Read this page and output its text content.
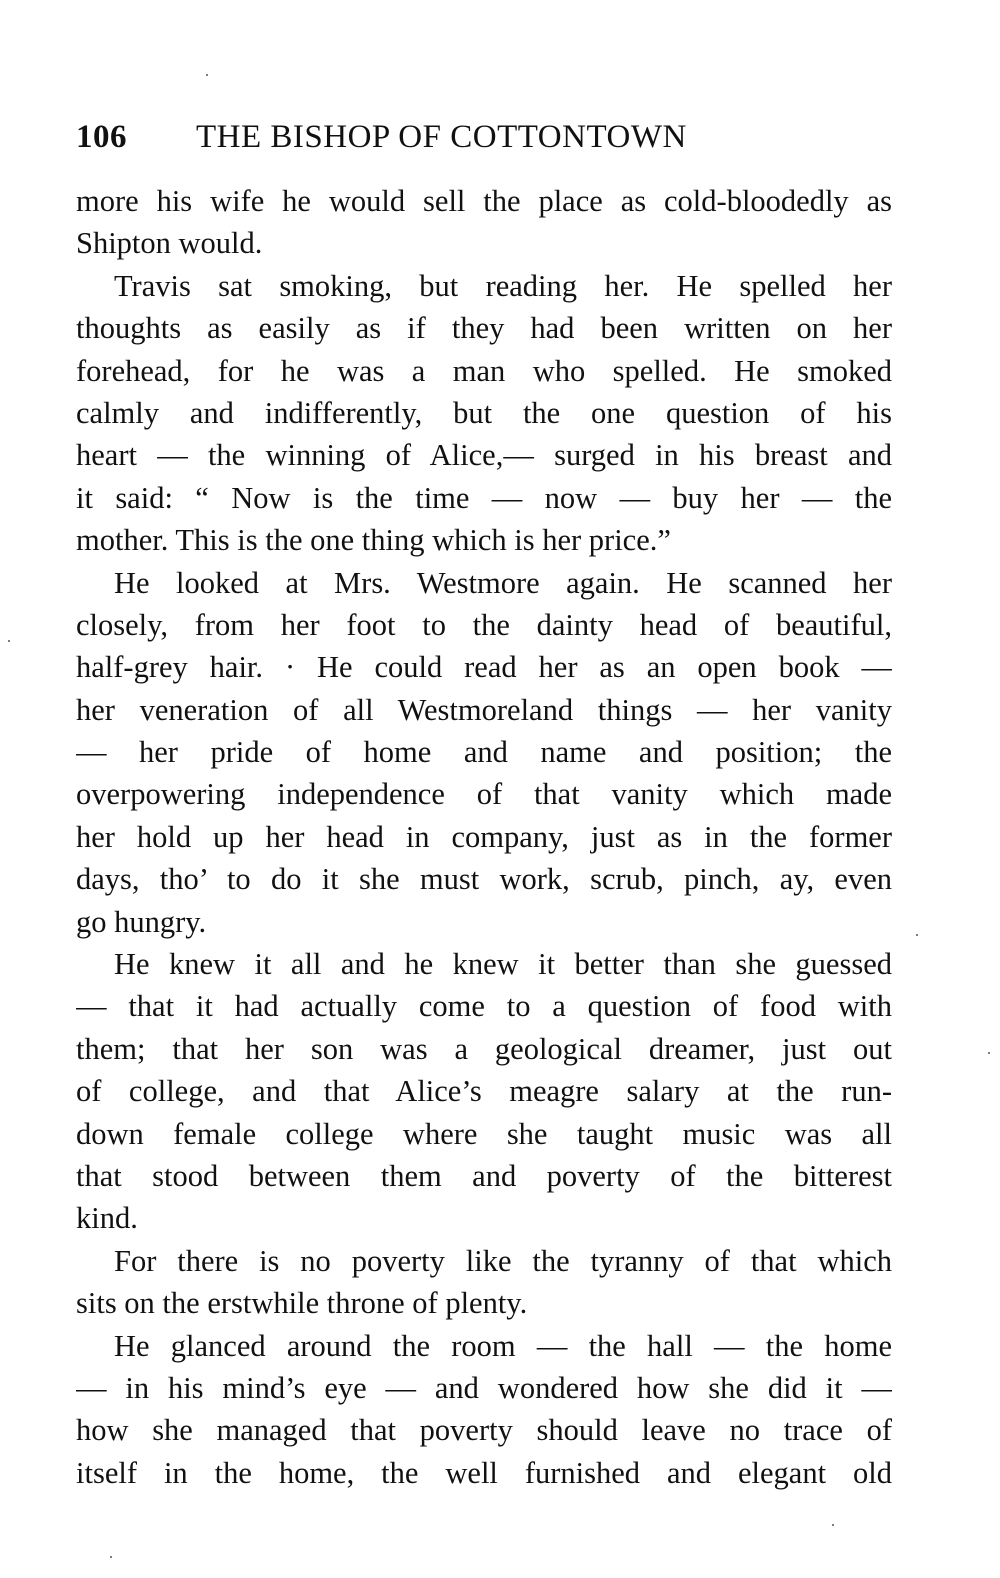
106 THE BISHOP OF COTTONTOWN
more his wife he would sell the place as cold-bloodedly as
Shipton would.
Travis sat smoking, but reading her. He spelled her
thoughts as easily as if they had been written on her
forehead, for he was a man who spelled. He smoked
calmly and indifferently, but the one question of his
heart — the winning of Alice,— surged in his breast and
it said: “ Now is the time — now — buy her — the
mother. This is the one thing which is her price.”
He looked at Mrs. Westmore again. He scanned her
closely, from her foot to the dainty head of beautiful,
half-grey hair. · He could read her as an open book —
her veneration of all Westmoreland things — her vanity
— her pride of home and name and position; the
overpowering independence of that vanity which made
her hold up her head in company, just as in the former
days, tho’ to do it she must work, scrub, pinch, ay, even
go hungry.
He knew it all and he knew it better than she guessed
— that it had actually come to a question of food with
them; that her son was a geological dreamer, just out
of college, and that Alice’s meagre salary at the run-
down female college where she taught music was all
that stood between them and poverty of the bitterest
kind.
For there is no poverty like the tyranny of that which
sits on the erstwhile throne of plenty.
He glanced around the room — the hall — the home
— in his mind’s eye — and wondered how she did it —
how she managed that poverty should leave no trace of
itself in the home, the well furnished and elegant old
